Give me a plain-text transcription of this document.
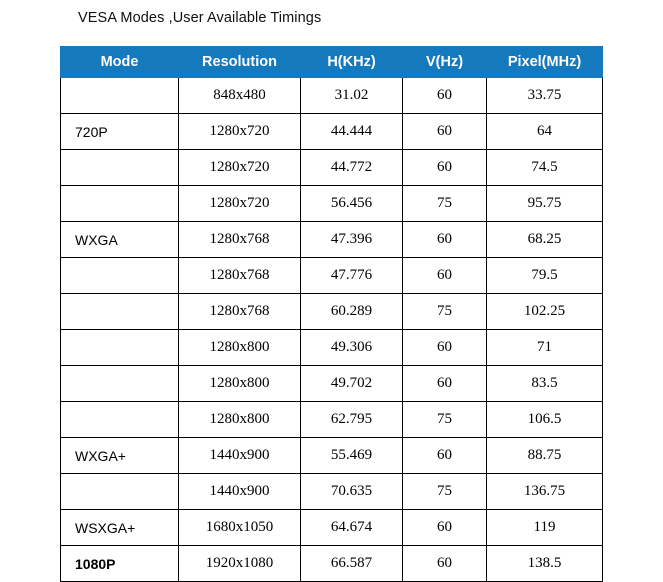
VESA Modes ,User Available Timings
Mode	Resolution	H(KHz)	V(Hz)	Pixel(MHz)
	848x480	31.02	60	33.75
720P	1280x720	44.444	60	64
	1280x720	44.772	60	74.5
	1280x720	56.456	75	95.75
WXGA	1280x768	47.396	60	68.25
	1280x768	47.776	60	79.5
	1280x768	60.289	75	102.25
	1280x800	49.306	60	71
	1280x800	49.702	60	83.5
	1280x800	62.795	75	106.5
WXGA+	1440x900	55.469	60	88.75
	1440x900	70.635	75	136.75
WSXGA+	1680x1050	64.674	60	119
1080P	1920x1080	66.587	60	138.5
